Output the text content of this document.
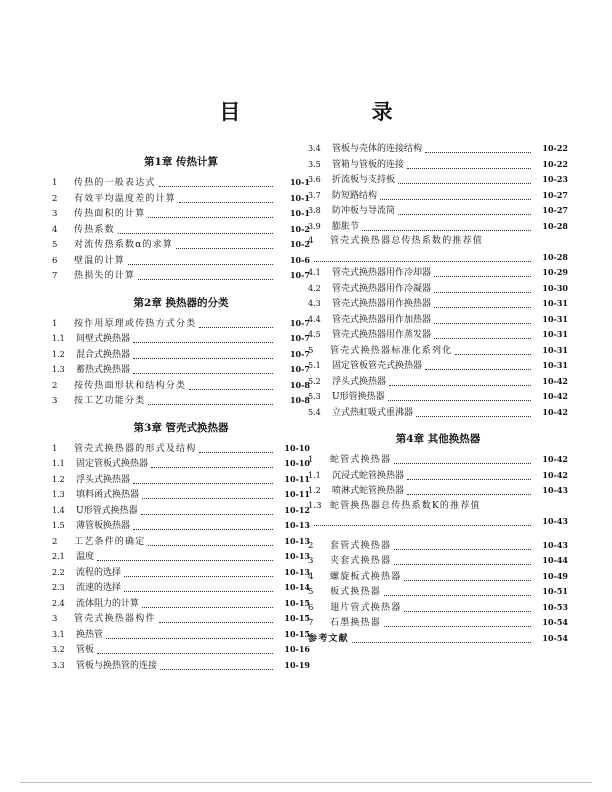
目 录
第1章 传热计算
1	传热的一般表达式	10-1
2	有效平均温度差的计算	10-1
3	传热面积的计算	10-1
4	传热系数	10-2
5	对流传热系数α的求算	10-2
6	壁温的计算	10-6
7	热损失的计算	10-7
第2章 换热器的分类
1	按作用原理或传热方式分类	10-7
1.1	间壁式换热器	10-7
1.2	混合式换热器	10-7
1.3	蓄热式换热器	10-7
2	按传热面形状和结构分类	10-8
3	按工艺功能分类	10-8
第3章 管壳式换热器
1	管壳式换热器的形式及结构	10-10
1.1	固定管板式换热器	10-10
1.2	浮头式换热器	10-11
1.3	填料函式换热器	10-11
1.4	U形管式换热器	10-12
1.5	薄管板换热器	10-13
2	工艺条件的确定	10-13
2.1	温度	10-13
2.2	流程的选择	10-13
2.3	流速的选择	10-14
2.4	流体阻力的计算	10-15
3	管壳式换热器构件	10-15
3.1	换热管	10-15
3.2	管板	10-16
3.3	管板与换热管的连接	10-19
3.4	管板与壳体的连接结构	10-22
3.5	管箱与管板的连接	10-22
3.6	折流板与支持板	10-23
3.7	防短路结构	10-27
3.8	防冲板与导流筒	10-27
3.9	膨胀节	10-28
4	管壳式换热器总传热系数的推荐值
10-28
4.1	管壳式换热器用作冷却器	10-29
4.2	管壳式换热器用作冷凝器	10-30
4.3	管壳式换热器用作换热器	10-31
4.4	管壳式换热器用作加热器	10-31
4.5	管壳式换热器用作蒸发器	10-31
5	管壳式换热器标准化系列化	10-31
5.1	固定管板管壳式换热器	10-31
5.2	浮头式换热器	10-42
5.3	U形管换热器	10-42
5.4	立式热虹吸式重沸器	10-42
第4章 其他换热器
1	蛇管式换热器	10-42
1.1	沉浸式蛇管换热器	10-42
1.2	喷淋式蛇管换热器	10-43
1.3 蛇管换热器总传热系数K的推荐值
10-43
2	套管式换热器	10-43
3	夹套式换热器	10-44
4	螺旋板式换热器	10-49
5	板式换热器	10-51
6	翅片管式换热器	10-53
7	石墨换热器	10-54
参考文献	10-54
